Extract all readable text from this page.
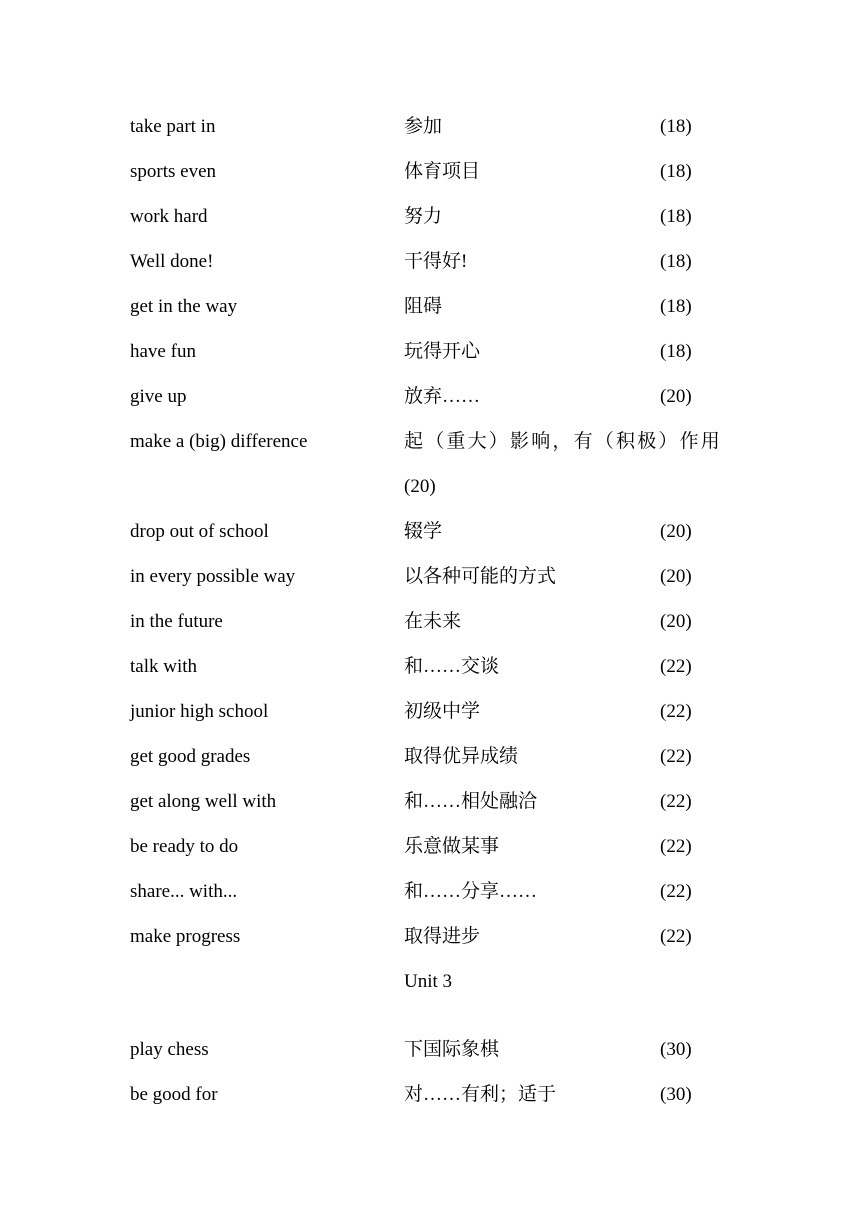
take part in	参加	(18)
sports even	体育项目	(18)
work hard	努力	(18)
Well done!	干得好!	(18)
get in the way	阻碍	(18)
have fun	玩得开心	(18)
give up	放弃……	(20)
make a (big) difference	起（重大）影响，有（积极）作用
(20)
drop out of school	辍学	(20)
in every possible way	以各种可能的方式	(20)
in the future	在未来	(20)
talk with	和……交谈	(22)
junior high school	初级中学	(22)
get good grades	取得优异成绩	(22)
get along well with	和……相处融洽	(22)
be ready to do	乐意做某事	(22)
share... with...	和……分享……	(22)
make progress	取得进步	(22)
Unit 3
play chess	下国际象棋	(30)
be good for	对……有利；适于	(30)
